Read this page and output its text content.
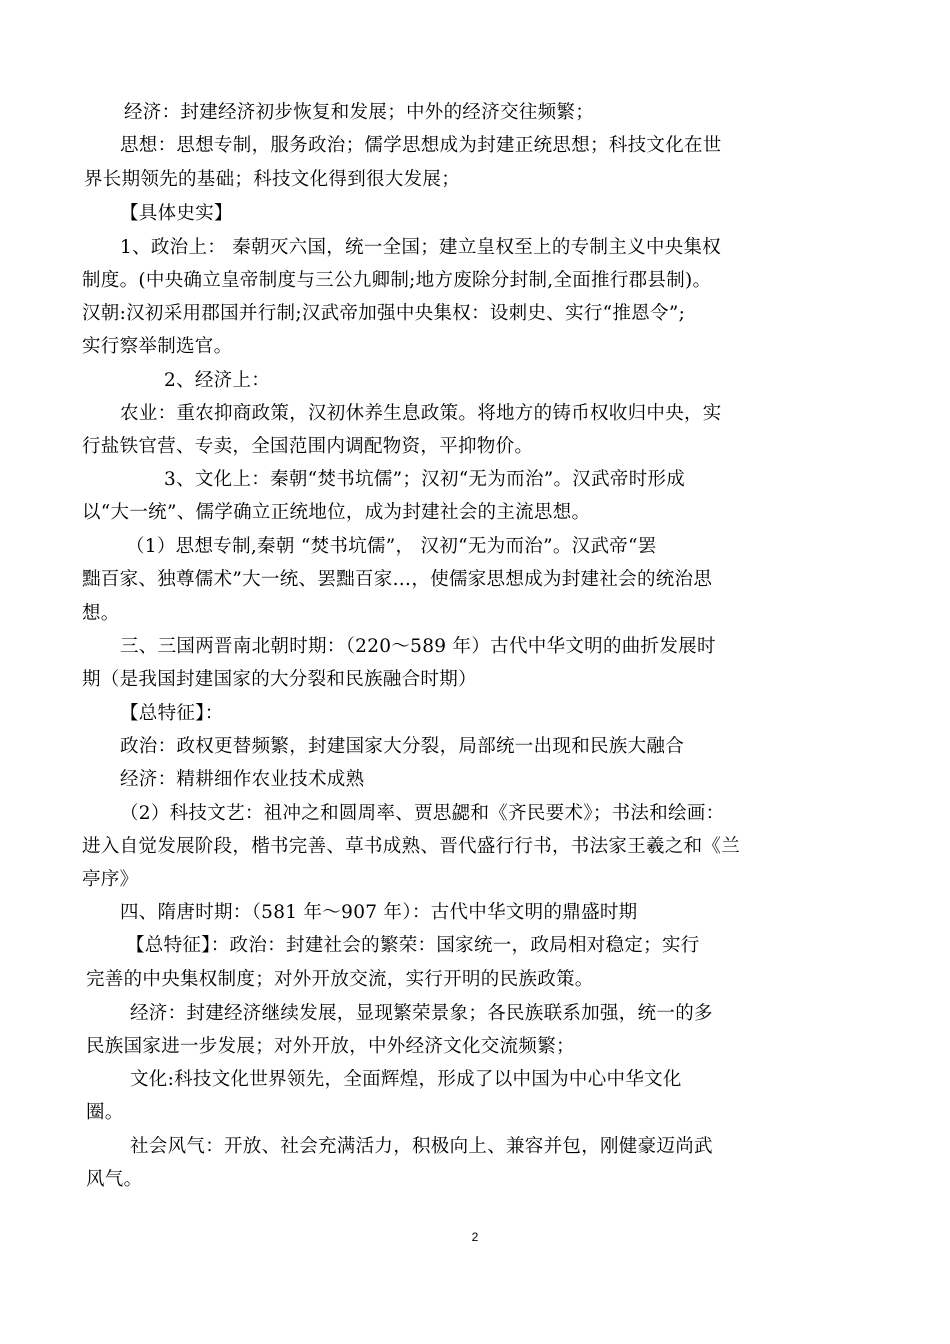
经济：封建经济初步恢复和发展；中外的经济交往频繁；
思想：思想专制，服务政治；儒学思想成为封建正统思想；科技文化在世
界长期领先的基础；科技文化得到很大发展；
【具体史实】
1、政治上： 秦朝灭六国，统一全国；建立皇权至上的专制主义中央集权
制度。(中央确立皇帝制度与三公九卿制;地方废除分封制,全面推行郡县制)。
汉朝:汉初采用郡国并行制;汉武帝加强中央集权：设刺史、实行“推恩令”;
实行察举制选官。
2、经济上：
农业：重农抑商政策，汉初休养生息政策。将地方的铸币权收归中央，实
行盐铁官营、专卖，全国范围内调配物资，平抑物价。
3、文化上：秦朝“焚书坑儒”；汉初“无为而治”。汉武帝时形成
以“大一统”、儒学确立正统地位，成为封建社会的主流思想。
（1）思想专制,秦朝 “焚书坑儒”， 汉初“无为而治”。汉武帝“罢
黜百家、独尊儒术”大一统、罢黜百家…，使儒家思想成为封建社会的统治思
想。
三、三国两晋南北朝时期：（220～589 年）古代中华文明的曲折发展时
期（是我国封建国家的大分裂和民族融合时期）
【总特征】：
政治：政权更替频繁，封建国家大分裂，局部统一出现和民族大融合
经济：精耕细作农业技术成熟
（2）科技文艺：祖冲之和圆周率、贾思勰和《齐民要术》；书法和绘画：
进入自觉发展阶段，楷书完善、草书成熟、晋代盛行行书，书法家王羲之和《兰
亭序》
四、隋唐时期：（581 年～907 年）：古代中华文明的鼎盛时期
【总特征】：政治：封建社会的繁荣：国家统一，政局相对稳定；实行
完善的中央集权制度；对外开放交流，实行开明的民族政策。
经济：封建经济继续发展，显现繁荣景象；各民族联系加强，统一的多
民族国家进一步发展；对外开放，中外经济文化交流频繁；
文化:科技文化世界领先，全面辉煌，形成了以中国为中心中华文化
圈。
社会风气：开放、社会充满活力，积极向上、兼容并包，刚健豪迈尚武
风气。
2
